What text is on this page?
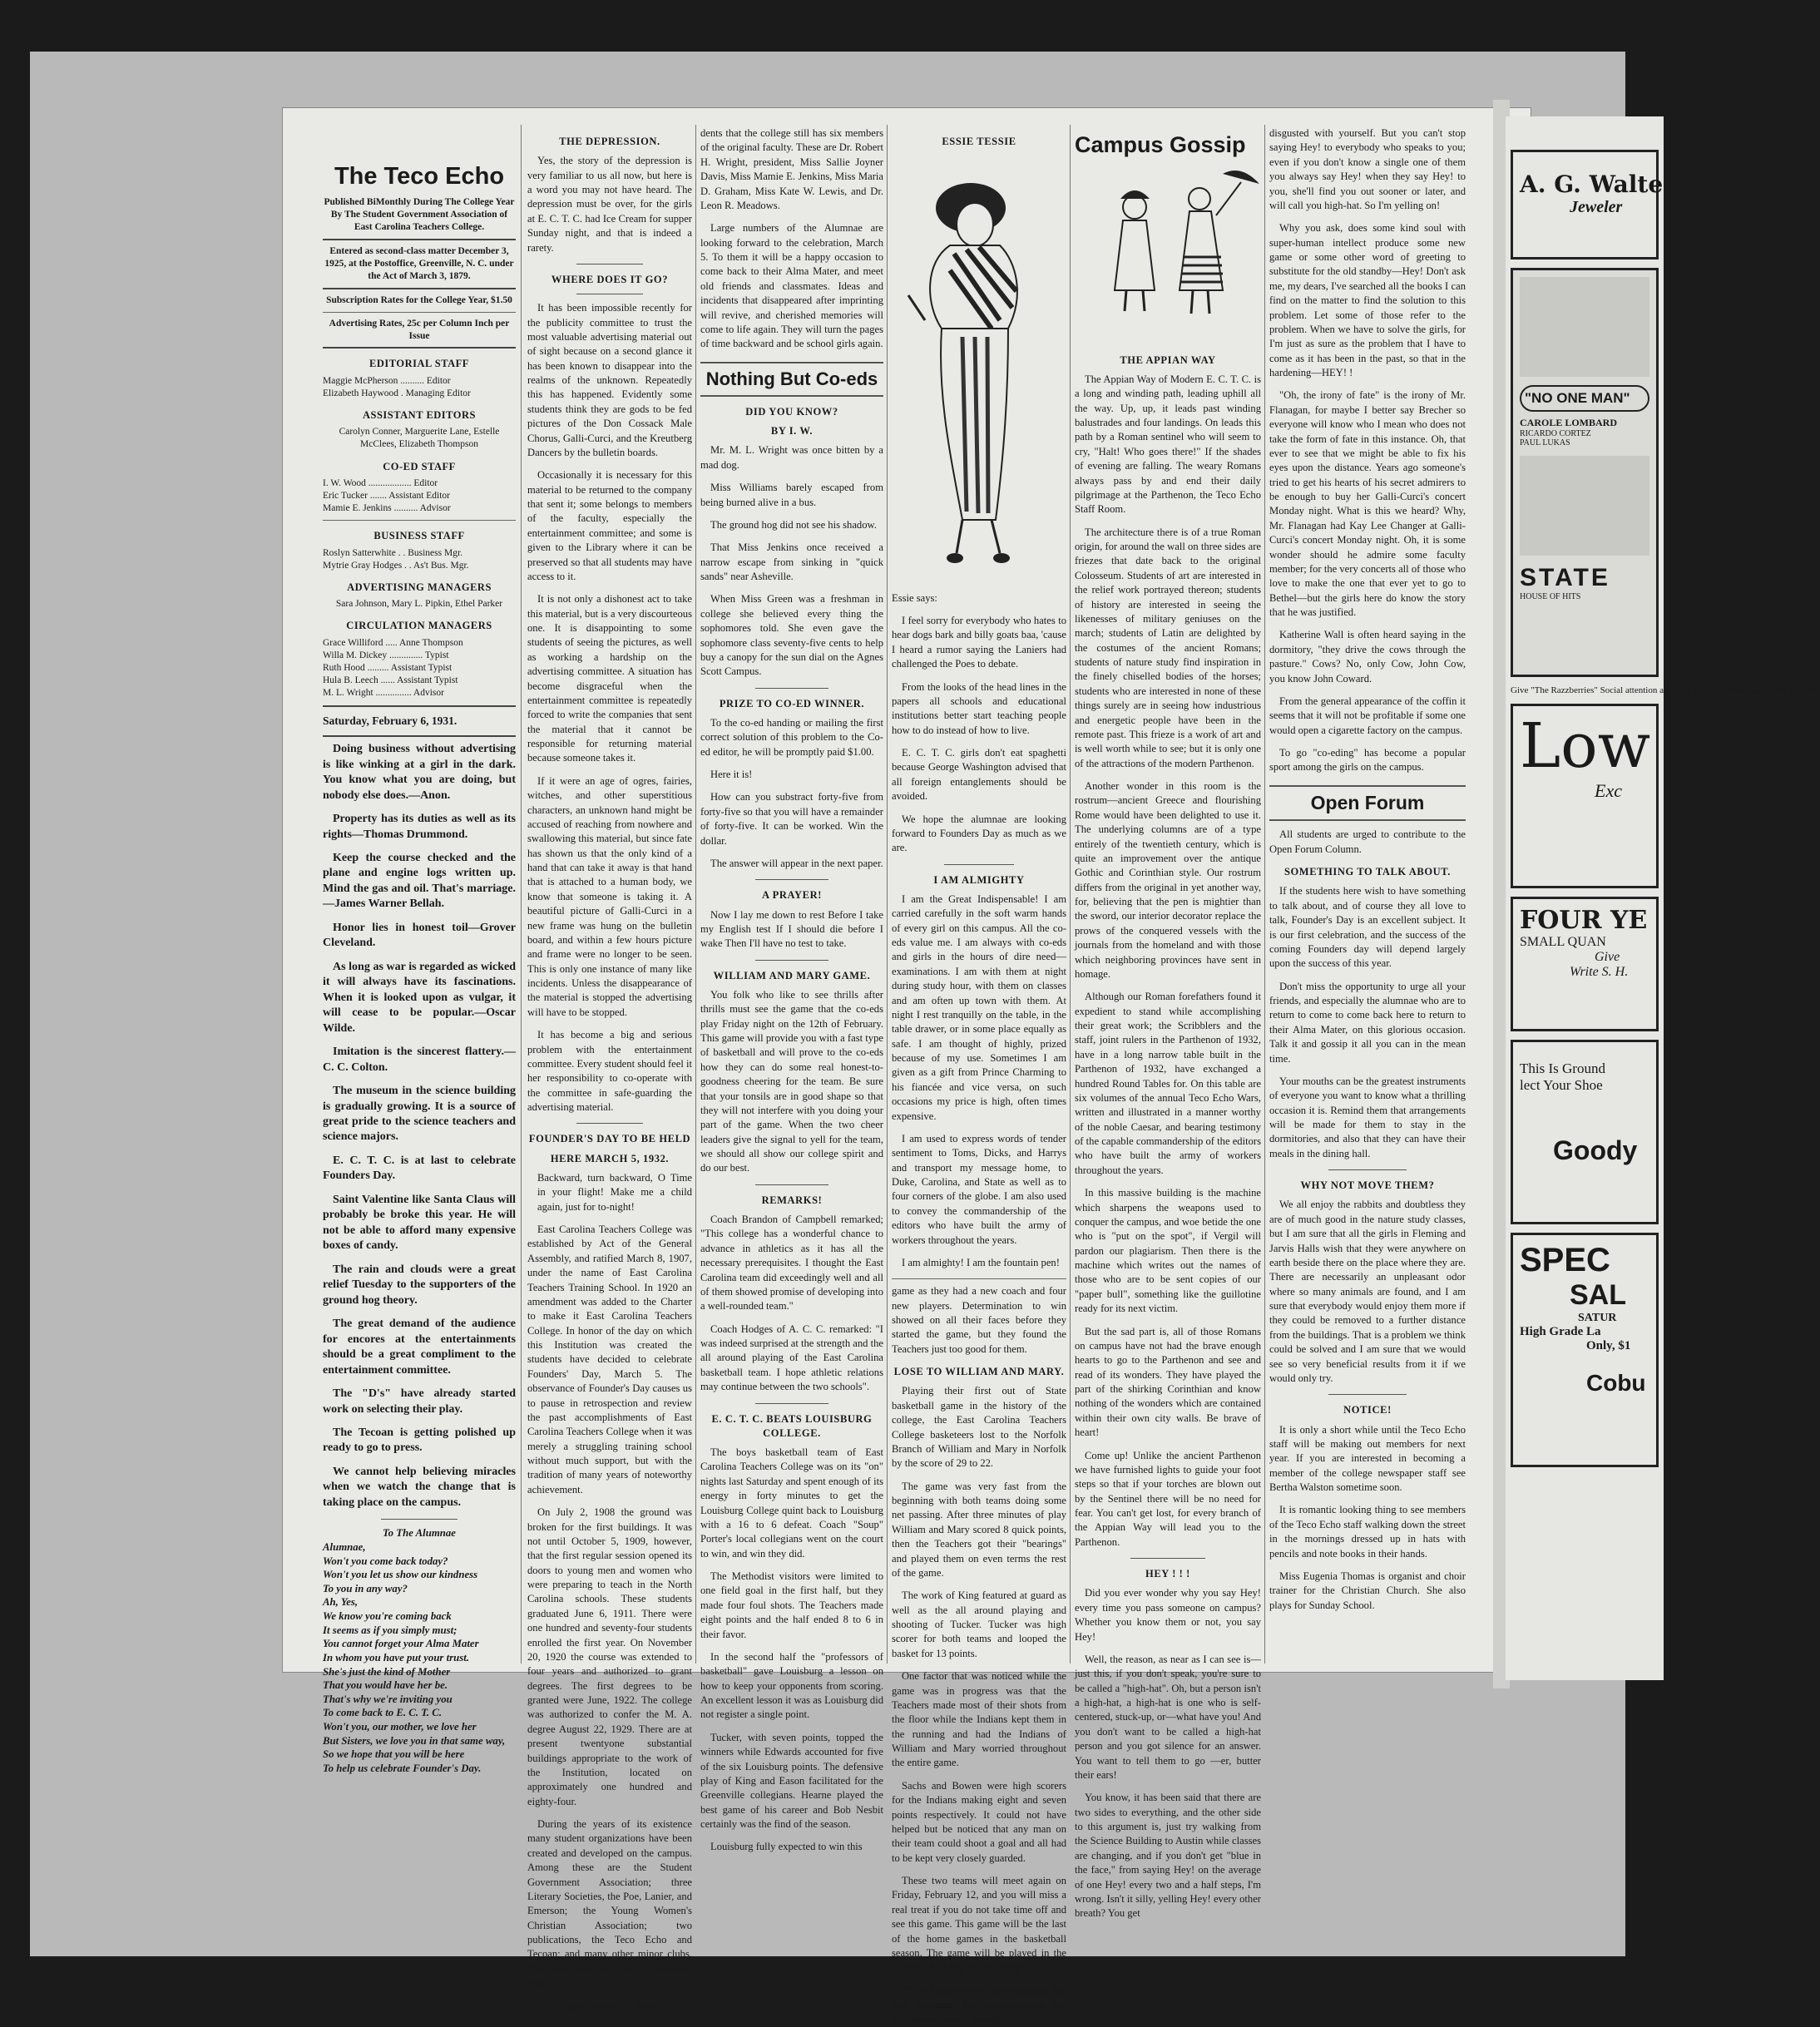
The Teco Echo
Published BiMonthly During The College Year By The Student Government Association of East Carolina Teachers College.
Entered as second-class matter December 3, 1925, at the Postoffice, Greenville, N. C. under the Act of March 3, 1879.
Subscription Rates for the College Year, $1.50
Advertising Rates, 25c per Column Inch per Issue
EDITORIAL STAFF
Maggie McPherson .......... Editor
Elizabeth Haywood . Managing Editor
ASSISTANT EDITORS
Carolyn Conner, Marguerite Lane, Estelle McClees, Elizabeth Thompson
CO-ED STAFF
I. W. Wood .................. Editor
Eric Tucker ....... Assistant Editor
Mamie E. Jenkins .......... Advisor
BUSINESS STAFF
Roslyn Satterwhite . . Business Mgr.
Mytrie Gray Hodges . . As't Bus. Mgr.
ADVERTISING MANAGERS
Sara Johnson, Mary L. Pipkin, Ethel Parker
CIRCULATION MANAGERS
Grace Williford ..... Anne Thompson
Willa M. Dickey .............. Typist
Ruth Hood ......... Assistant Typist
Hula B. Leech ...... Assistant Typist
M. L. Wright ............... Advisor
Saturday, February 6, 1931.

Doing business without advertising is like winking at a girl in the dark. You know what you are doing, but nobody else does.—Anon.

Property has its duties as well as its rights—Thomas Drummond.

Keep the course checked and the plane and engine logs written up. Mind the gas and oil. That's marriage.—James Warner Bellah.

Honor lies in honest toil—Grover Cleveland.

As long as war is regarded as wicked it will always have its fascinations. When it is looked upon as vulgar, it will cease to be popular.—Oscar Wilde.

Imitation is the sincerest flattery.—C. C. Colton.

The museum in the science building is gradually growing. It is a source of great pride to the science teachers and science majors.

E. C. T. C. is at last to celebrate Founders Day.

Saint Valentine like Santa Claus will probably be broke this year. He will not be able to afford many expensive boxes of candy.

The rain and clouds were a great relief Tuesday to the supporters of the ground hog theory.

The great demand of the audience for encores at the entertainments should be a great compliment to the entertainment committee.

The "D's" have already started work on selecting their play.

The Tecoan is getting polished up ready to go to press.

We cannot help believing miracles when we watch the change that is taking place on the campus.

To The Alumnae
Alumnae,
Won't you come back today?
Won't you let us show our kindness
To you in any way?
Ah, Yes,
We know you're coming back
It seems as if you simply must;
You cannot forget your Alma Mater
In whom you have put your trust.
She's just the kind of Mother
That you would have her be.
That's why we're inviting you
To come back to E. C. T. C.
Won't you, our mother, we love her
But Sisters, we love you in that same way,
So we hope that you will be here
To help us celebrate Founder's Day.
THE DEPRESSION.

Yes, the story of the depression is very familiar to us all now, but here is a word you may not have heard. The depression must be over, for the girls at E. C. T. C. had Ice Cream for supper Sunday night, and that is indeed a rarety.

WHERE DOES IT GO?

It has been impossible recently for the publicity committee to trust the most valuable advertising material out of sight because on a second glance it has been known to disappear into the realms of the unknown. Repeatedly this has happened. Evidently some students think they are gods to be fed pictures of the Don Cossack Male Chorus, Galli-Curci, and the Kreutberg Dancers by the bulletin boards.

Occasionally it is necessary for this material to be returned to the company that sent it; some belongs to members of the faculty, especially the entertainment committee; and some is given to the Library where it can be preserved so that all students may have access to it.

It is not only a dishonest act to take this material, but is a very discourteous one. It is disappointing to some students of seeing the pictures, as well as working a hardship on the advertising committee. A situation has become disgraceful when the entertainment committee is repeatedly forced to write the companies that sent the material that it cannot be responsible for returning material because someone takes it.

If it were an age of ogres, fairies, witches, and other superstitious characters, an unknown hand might be accused of reaching from nowhere and swallowing this material, but since fate has shown us that the only kind of a hand that can take it away is that hand that is attached to a human body, we know that someone is taking it. A beautiful picture of Galli-Curci in a new frame was hung on the bulletin board, and within a few hours picture and frame were no longer to be seen. This is only one instance of many like incidents. Unless the disappearance of the material is stopped the advertising will have to be stopped.

It has become a big and serious problem with the entertainment committee. Every student should feel it her responsibility to co-operate with the committee in safe-guarding the advertising material.

FOUNDER'S DAY TO BE HELD
HERE MARCH 5, 1932.

Backward, turn backward, O Time in your flight! Make me a child again, just for to-night!

East Carolina Teachers College was established by Act of the General Assembly, and ratified March 8, 1907, under the name of East Carolina Teachers Training School. In 1920 an amendment was added to the Charter to make it East Carolina Teachers College. In honor of the day on which this Institution was created the students have decided to celebrate Founders' Day, March 5. The observance of Founder's Day causes us to pause in retrospection and review the past accomplishments of East Carolina Teachers College when it was merely a struggling training school without much support, but with the tradition of many years of noteworthy achievement.

On July 2, 1908 the ground was broken for the first buildings. It was not until October 5, 1909, however, that the first regular session opened its doors to young men and women who were preparing to teach in the North Carolina schools. These students graduated June 6, 1911. There were one hundred and seventy-four students enrolled the first year. On November 20, 1920 the course was extended to four years and authorized to grant degrees. The first degrees to be granted were June, 1922. The college was authorized to confer the M. A. degree August 22, 1929. There are at present twentyone substantial buildings appropriate to the work of the Institution, located on approximately one hundred and eighty-four.

During the years of its existence many student organizations have been created and developed on the campus. Among these are the Student Government Association; three Literary Societies, the Poe, Lanier, and Emerson; the Young Women's Christian Association; two publications, the Teco Echo and Tecoan; and many other minor clubs. This year there is a boy's basketball team.

It is of great interest to the stu-

dents that the college still has six members of the original faculty. These are Dr. Robert H. Wright, president, Miss Sallie Joyner Davis, Miss Mamie E. Jenkins, Miss Maria D. Graham, Miss Kate W. Lewis, and Dr. Leon R. Meadows.

Large numbers of the Alumnae are looking forward to the celebration, March 5. To them it will be a happy occasion to come back to their Alma Mater, and meet old friends and classmates. Ideas and incidents that disappeared after imprinting will revive, and cherished memories will come to life again. They will turn the pages of time backward and be school girls again.

Nothing But Co-eds
DID YOU KNOW?
BY I. W.

Mr. M. L. Wright was once bitten by a mad dog.

Miss Williams barely escaped from being burned alive in a bus.

The ground hog did not see his shadow.

That Miss Jenkins once received a narrow escape from sinking in "quick sands" near Asheville.

When Miss Green was a freshman in college she believed every thing the sophomores told. She even gave the sophomore class seventy-five cents to help buy a canopy for the sun dial on the Agnes Scott Campus.

PRIZE TO CO-ED WINNER.

To the co-ed handing or mailing the first correct solution of this problem to the Co-ed editor, he will be promptly paid $1.00.

Here it is!

How can you substract forty-five from forty-five so that you will have a remainder of forty-five. It can be worked. Win the dollar.

The answer will appear in the next paper.

A PRAYER!

Now I lay me down to rest Before I take my English test If I should die before I wake Then I'll have no test to take.

WILLIAM AND MARY GAME.

You folk who like to see thrills after thrills must see the game that the co-eds play Friday night on the 12th of February. This game will provide you with a fast type of basketball and will prove to the co-eds how they can do some real honest-to-goodness cheering for the team. Be sure that your tonsils are in good shape so that they will not interfere with you doing your part of the game. When the two cheer leaders give the signal to yell for the team, we should all show our college spirit and do our best.

REMARKS!

Coach Brandon of Campbell remarked; "This college has a wonderful chance to advance in athletics as it has all the necessary prerequisites. I thought the East Carolina team did exceedingly well and all of them showed promise of developing into a well-rounded team."

Coach Hodges of A. C. C. remarked: "I was indeed surprised at the strength and the all around playing of the East Carolina basketball team. I hope athletic relations may continue between the two schools".

E. C. T. C. BEATS LOUISBURG COLLEGE.

The boys basketball team of East Carolina Teachers College was on its "on" nights last Saturday and spent enough of its energy in forty minutes to get the Louisburg College quint back to Louisburg with a 16 to 6 defeat. Coach "Soup" Porter's local collegians went on the court to win, and win they did.

The Methodist visitors were limited to one field goal in the first half, but they made four foul shots. The Teachers made eight points and the half ended 8 to 6 in their favor.

In the second half the "professors of basketball" gave Louisburg a lesson on how to keep your opponents from scoring. An excellent lesson it was as Louisburg did not register a single point.

Tucker, with seven points, topped the winners while Edwards accounted for five of the six Louisburg points. The defensive play of King and Eason facilitated for the Greenville collegians. Hearne played the best game of his career and Bob Nesbit certainly was the find of the season.

Louisburg fully expected to win this

ESSIE TESSIE

Essie says:

I feel sorry for everybody who hates to hear dogs bark and billy goats baa, 'cause I heard a rumor saying the Laniers had challenged the Poes to debate.

From the looks of the head lines in the papers all schools and educational institutions better start teaching people how to do instead of how to live.

E. C. T. C. girls don't eat spaghetti because George Washington advised that all foreign entanglements should be avoided.

We hope the alumnae are looking forward to Founders Day as much as we are.

I AM ALMIGHTY

I am the Great Indispensable! I am carried carefully in the soft warm hands of every girl on this campus. All the co-eds value me. I am always with co-eds and girls in the hours of dire need—examinations. I am with them at night during study hour, with them on classes and am often up town with them. At night I rest tranquilly on the table, in the table drawer, or in some place equally as safe. I am thought of highly, prized because of my use. Sometimes I am given as a gift from Prince Charming to his fiancée and vice versa, on such occasions my price is high, often times expensive.

I am used to express words of tender sentiment to Toms, Dicks, and Harrys and transport my message home, to Duke, Carolina, and State as well as to four corners of the globe. I am also used to convey the commandership of the editors who have built the army of workers throughout the years.

I am almighty! I am the fountain pen!

game as they had a new coach and four new players. Determination to win showed on all their faces before they started the game, but they found the Teachers just too good for them.

LOSE TO WILLIAM AND MARY.

Playing their first out of State basketball game in the history of the college, the East Carolina Teachers College basketeers lost to the Norfolk Branch of William and Mary in Norfolk by the score of 29 to 22.

The game was very fast from the beginning with both teams doing some net passing. After three minutes of play William and Mary scored 8 quick points, then the Teachers got their "bearings" and played them on even terms the rest of the game.

The work of King featured at guard as well as the all around playing and shooting of Tucker. Tucker was high scorer for both teams and looped the basket for 13 points.

One factor that was noticed while the game was in progress was that the Teachers made most of their shots from the floor while the Indians kept them in the running and had the Indians of William and Mary worried throughout the entire game.

Sachs and Bowen were high scorers for the Indians making eight and seven points respectively. It could not have helped but be noticed that any man on their team could shoot a goal and all had to be kept very closely guarded.

These two teams will meet again on Friday, February 12, and you will miss a real treat if you do not take time off and see this game. This game will be the last of the home games in the basketball season. The game will be played in the Campus Building at the college.

"The Razzberries" are available for any occasion. For engagements, see Katherine Jones, manager.

Campus Gossip
THE APPIAN WAY

The Appian Way of Modern E. C. T. C. is a long and winding path, leading uphill all the way. Up, up, it leads past winding balustrades and four landings. On leads this path by a Roman sentinel who will seem to cry, "Halt! Who goes there!" If the shades of evening are falling. The weary Romans always pass by and end their daily pilgrimage at the Parthenon, the Teco Echo Staff Room.

The architecture there is of a true Roman origin, for around the wall on three sides are friezes that date back to the original Colosseum. Students of art are interested in the relief work portrayed thereon; students of history are interested in seeing the likenesses of military geniuses on the march; students of Latin are delighted by the costumes of the ancient Romans; students of nature study find inspiration in the finely chiselled bodies of the horses; students who are interested in none of these things surely are in seeing how industrious and energetic people have been in the remote past. This frieze is a work of art and is well worth while to see; but it is only one of the attractions of the modern Parthenon.

Another wonder in this room is the rostrum—ancient Greece and flourishing Rome would have been delighted to use it. The underlying columns are of a type entirely of the twentieth century, which is quite an improvement over the antique Gothic and Corinthian style. Our rostrum differs from the original in yet another way, for, believing that the pen is mightier than the sword, our interior decorator replace the prows of the conquered vessels with the journals from the homeland and with those which neighboring provinces have sent in homage.

Although our Roman forefathers found it expedient to stand while accomplishing their great work; the Scribblers and the staff, joint rulers in the Parthenon of 1932, have in a long narrow table built in the Parthenon of 1932, have exchanged a hundred Round Tables for. On this table are six volumes of the annual Teco Echo Wars, written and illustrated in a manner worthy of the noble Caesar, and bearing testimony of the capable commandership of the editors who have built the army of workers throughout the years.

In this massive building is the machine which sharpens the weapons used to conquer the campus, and woe betide the one who is "put on the spot", if Vergil will pardon our plagiarism. Then there is the machine which writes out the names of those who are to be sent copies of our "paper bull", something like the guillotine ready for its next victim.

But the sad part is, all of those Romans on campus have not had the brave enough hearts to go to the Parthenon and see and read of its wonders. They have played the part of the shirking Corinthian and know nothing of the wonders which are contained within their own city walls. Be brave of heart!

Come up! Unlike the ancient Parthenon we have furnished lights to guide your foot steps so that if your torches are blown out by the Sentinel there will be no need for fear. You can't get lost, for every branch of the Appian Way will lead you to the Parthenon.

HEY ! ! !

Did you ever wonder why you say Hey! every time you pass someone on campus? Whether you know them or not, you say Hey!

Well, the reason, as near as I can see is—just this, if you don't speak, you're sure to be called a "high-hat". Oh, but a person isn't a high-hat, a high-hat is one who is self-centered, stuck-up, or—what have you! And you don't want to be called a high-hat person and you got silence for an answer. You want to tell them to go —er, butter their ears!

You know, it has been said that there are two sides to everything, and the other side to this argument is, just try walking from the Science Building to Austin while classes are changing, and if you don't get "blue in the face," from saying Hey! on the average of one Hey! every two and a half steps, I'm wrong. Isn't it silly, yelling Hey! every other breath? You get

disgusted with yourself. But you can't stop saying Hey! to everybody who speaks to you; even if you don't know a single one of them you always say Hey! when they say Hey! to you, she'll find you out sooner or later, and will call you high-hat. So I'm yelling on!

Why you ask, does some kind soul with super-human intellect produce some new game or some other word of greeting to substitute for the old standby—Hey! Don't ask me, my dears, I've searched all the books I can find on the matter to find the solution to this problem. Let some of those refer to the problem. When we have to solve the girls, for I'm just as sure as the problem that I have to come as it has been in the past, so that in the hardening—HEY! !

"Oh, the irony of fate" is the irony of Mr. Flanagan, for maybe I better say Brecher so everyone will know who I mean who does not take the form of fate in this instance. Oh, that ever to see that we might be able to fix his eyes upon the distance. Years ago someone's tried to get his hearts of his secret admirers to be enough to buy her Galli-Curci's concert Monday night. What is this we heard? Why, Mr. Flanagan had Kay Lee Changer at Galli-Curci's concert Monday night. Oh, it is some wonder should he admire some faculty member; for the very concerts all of those who love to make the one that ever yet to go to Bethel—but the girls here do know the story that he was justified.

Katherine Wall is often heard saying in the dormitory, "they drive the cows through the pasture." Cows? No, only Cow, John Cow, you know John Coward.

From the general appearance of the coffin it seems that it will not be profitable if some one would open a cigarette factory on the campus.

To go "co-eding" has become a popular sport among the girls on the campus.

Open Forum

All students are urged to contribute to the Open Forum Column.

SOMETHING TO TALK ABOUT.

If the students here wish to have something to talk about, and of course they all love to talk, Founder's Day is an excellent subject. It is our first celebration, and the success of the coming Founders day will depend largely upon the success of this year.

Don't miss the opportunity to urge all your friends, and especially the alumnae who are to return to come to come back here to return to their Alma Mater, on this glorious occasion. Talk it and gossip it all you can in the mean time.

Your mouths can be the greatest instruments of everyone you want to know what a thrilling occasion it is. Remind them that arrangements will be made for them to stay in the dormitories, and also that they can have their meals in the dining hall.

WHY NOT MOVE THEM?

We all enjoy the rabbits and doubtless they are of much good in the nature study classes, but I am sure that all the girls in Fleming and Jarvis Halls wish that they were anywhere on earth beside there on the place where they are. There are necessarily an unpleasant odor where so many animals are found, and I am sure that everybody would enjoy them more if they could be removed to a further distance from the buildings. That is a problem we think could be solved and I am sure that we would see so very beneficial results from it if we would only try.

NOTICE!

It is only a short while until the Teco Echo staff will be making out members for next year. If you are interested in becoming a member of the college newspaper staff see Bertha Walston sometime soon.

It is romantic looking thing to see members of the Teco Echo staff walking down the street in the mornings dressed up in hats with pencils and note books in their hands.

Miss Eugenia Thomas is organist and choir trainer for the Christian Church. She also plays for Sunday School.

A. G. Walte
Jeweler
"NO ONE MAN"
CAROLE LOMBARD
RICARDO CORTEZ
PAUL LUKAS
STATE
HOUSE OF HITS
Give "The Razzberries" Social attention and they will be encouraged on the campus.
Low
Exc
FOUR YE
SMALL QUAN
Give
Write S. H.
This Is Ground
lect Your Shoe
Goody
SPEC
SAL
SATUR
High Grade La
Only, $1
Cobu
